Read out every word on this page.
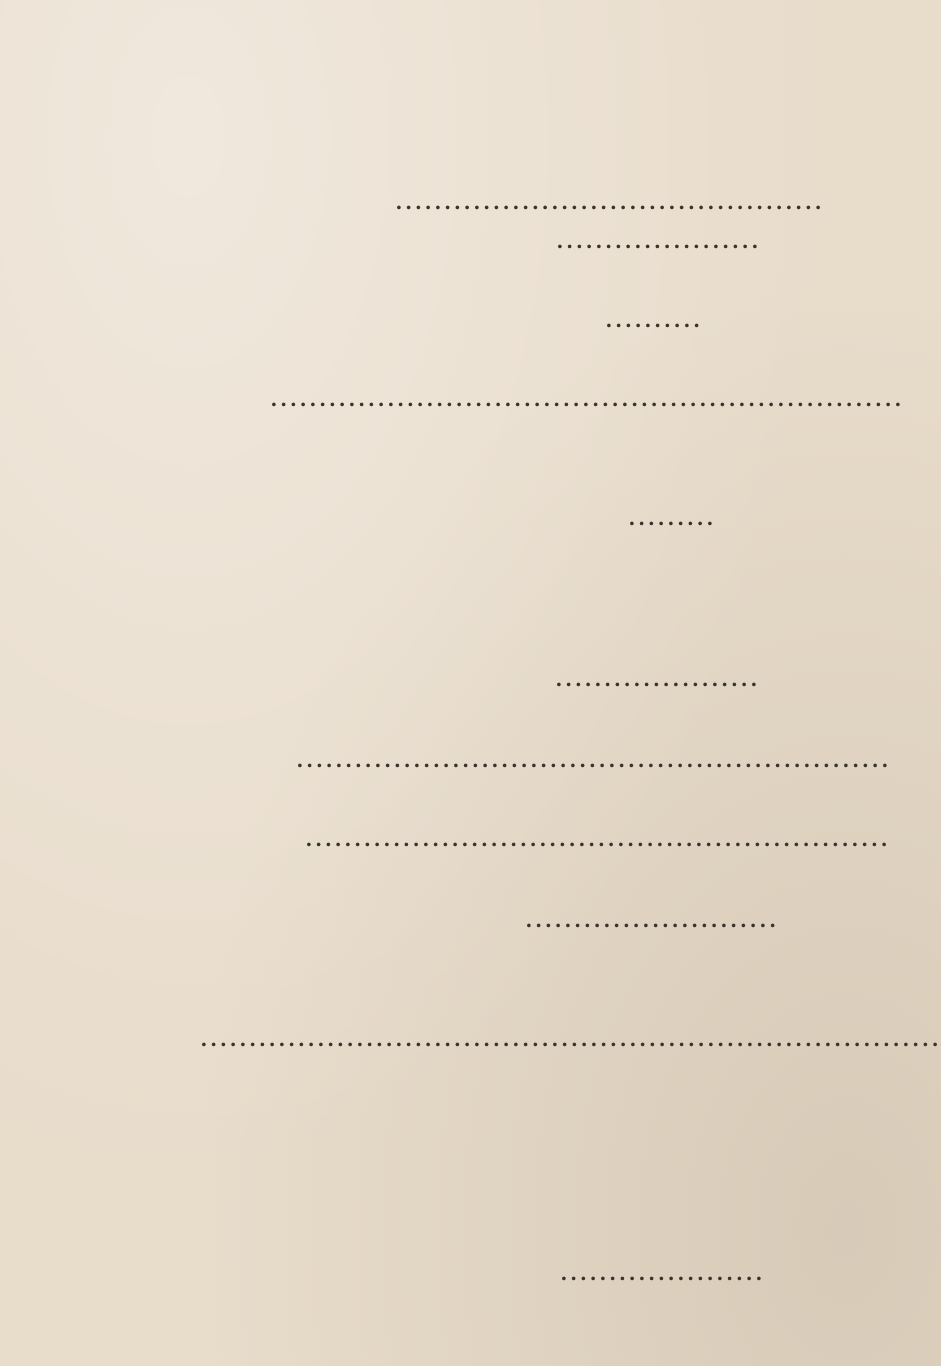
............................................
.....................
..........
.................................................................
.........
.....................
.............................................................
............................................................
..........................
............................................................................
.....................
